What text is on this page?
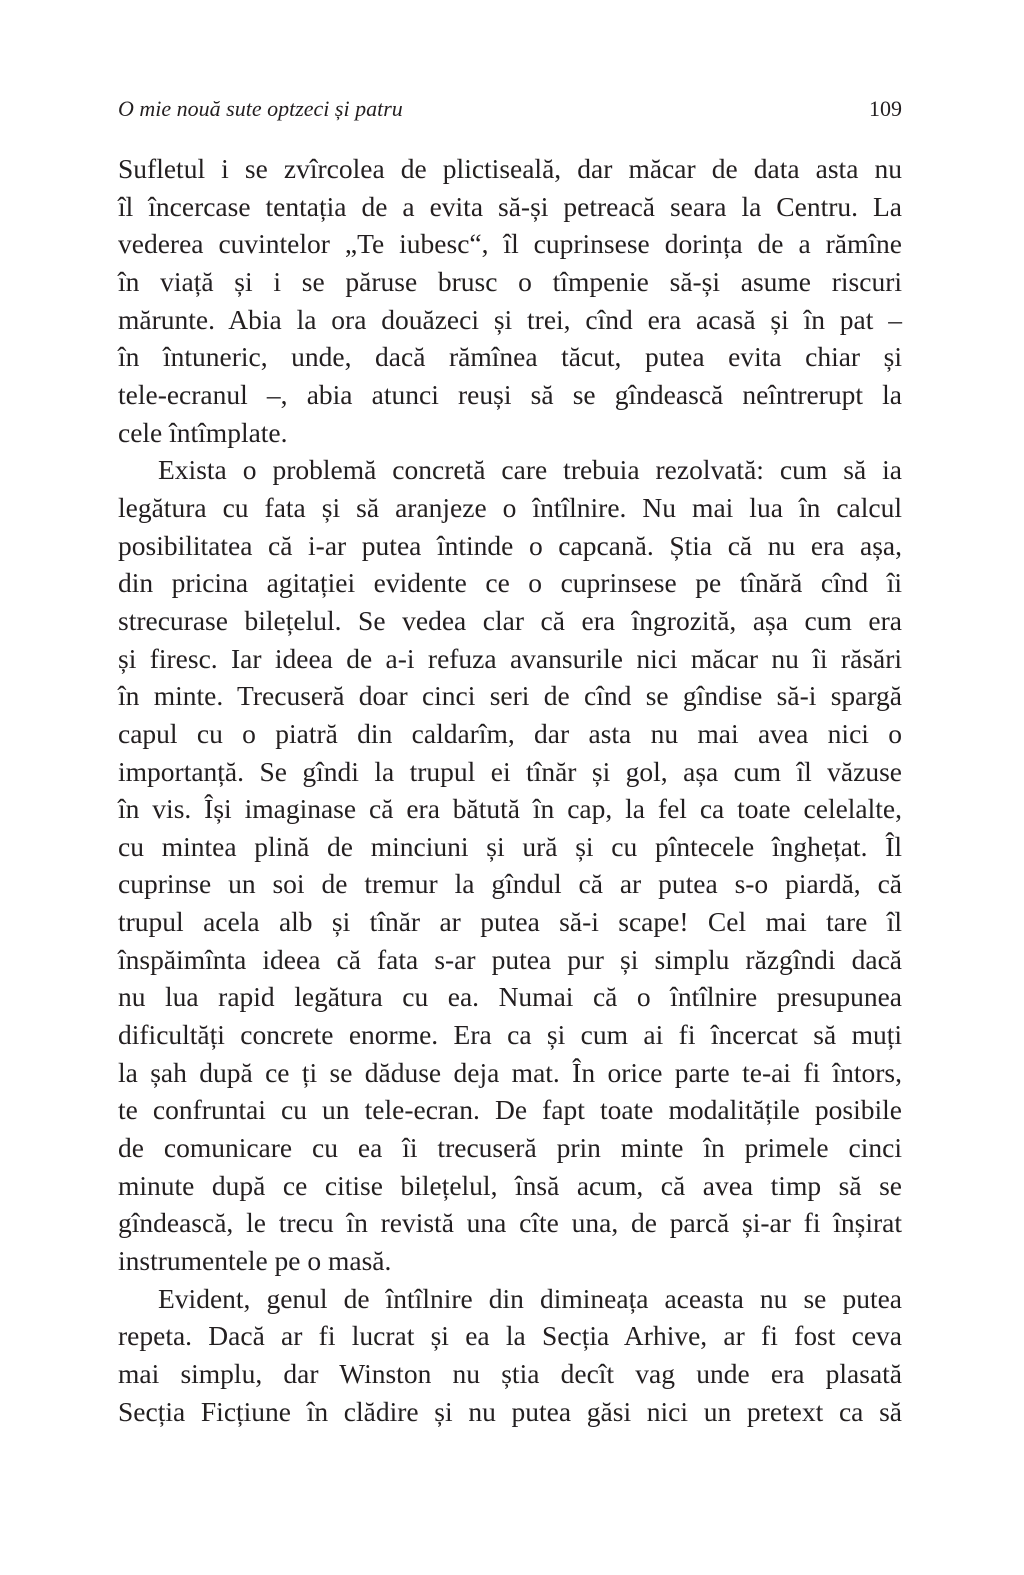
O mie nouă sute optzeci și patru	109
Sufletul i se zvîrcolea de plictiseală, dar măcar de data asta nu
îl încercase tentația de a evita să-și petreacă seara la Centru. La
vederea cuvintelor „Te iubesc“, îl cuprinsese dorința de a rămîne
în viață și i se păruse brusc o tîmpenie să-și asume riscuri
mărunte. Abia la ora douăzeci și trei, cînd era acasă și în pat –
în întuneric, unde, dacă rămînea tăcut, putea evita chiar și
tele-ecranul –, abia atunci reuși să se gîndească neîntrerupt la
cele întîmplate.
Exista o problemă concretă care trebuia rezolvată: cum să ia
legătura cu fata și să aranjeze o întîlnire. Nu mai lua în calcul
posibilitatea că i-ar putea întinde o capcană. Știa că nu era așa,
din pricina agitației evidente ce o cuprinsese pe tînără cînd îi
strecurase bilețelul. Se vedea clar că era îngrozită, așa cum era
și firesc. Iar ideea de a-i refuza avansurile nici măcar nu îi răsări
în minte. Trecuseră doar cinci seri de cînd se gîndise să-i spargă
capul cu o piatră din caldarîm, dar asta nu mai avea nici o
importanță. Se gîndi la trupul ei tînăr și gol, așa cum îl văzuse
în vis. Își imaginase că era bătută în cap, la fel ca toate celelalte,
cu mintea plină de minciuni și ură și cu pîntecele înghețat. Îl
cuprinse un soi de tremur la gîndul că ar putea s-o piardă, că
trupul acela alb și tînăr ar putea să-i scape! Cel mai tare îl
înspăimînta ideea că fata s-ar putea pur și simplu răzgîndi dacă
nu lua rapid legătura cu ea. Numai că o întîlnire presupunea
dificultăți concrete enorme. Era ca și cum ai fi încercat să muți
la șah după ce ți se dăduse deja mat. În orice parte te-ai fi întors,
te confruntai cu un tele-ecran. De fapt toate modalitățile posibile
de comunicare cu ea îi trecuseră prin minte în primele cinci
minute după ce citise bilețelul, însă acum, că avea timp să se
gîndească, le trecu în revistă una cîte una, de parcă și-ar fi înșirat
instrumentele pe o masă.
Evident, genul de întîlnire din dimineața aceasta nu se putea
repeta. Dacă ar fi lucrat și ea la Secția Arhive, ar fi fost ceva
mai simplu, dar Winston nu știa decît vag unde era plasată
Secția Ficțiune în clădire și nu putea găsi nici un pretext ca să
